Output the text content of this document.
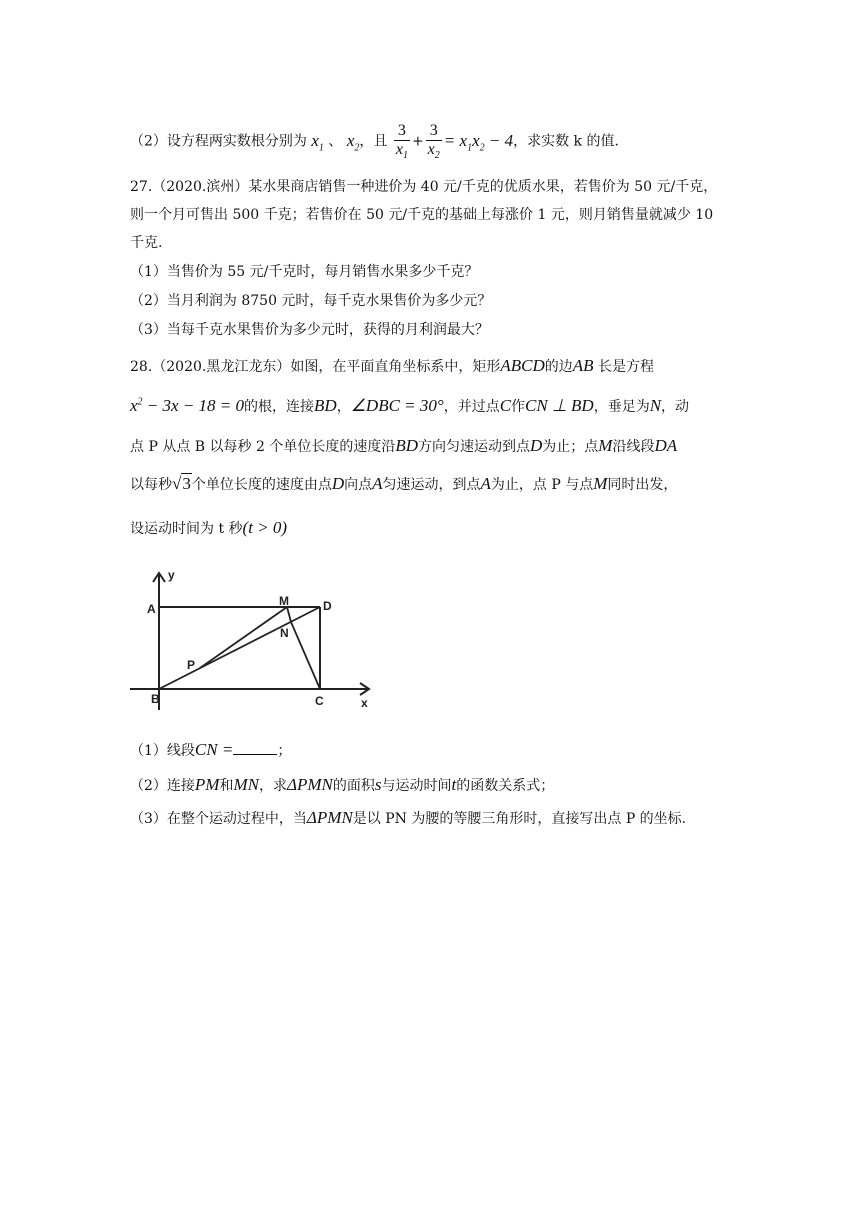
（2）设方程两实数根分别为 $x_1$ 、 $x_2$，且 $\frac{3}{x_1} + \frac{3}{x_2} = x_1x_2 - 4$，求实数 k 的值.
27.（2020.滨州）某水果商店销售一种进价为 40 元/千克的优质水果，若售价为 50 元/千克，
则一个月可售出 500 千克；若售价在 50 元/千克的基础上每涨价 1 元，则月销售量就减少 10
千克.
（1）当售价为 55 元/千克时，每月销售水果多少千克？
（2）当月利润为 8750 元时，每千克水果售价为多少元？
（3）当每千克水果售价为多少元时，获得的月利润最大？
28.（2020.黑龙江龙东）如图，在平面直角坐标系中，矩形ABCD的边AB 长是方程
$x^2 - 3x - 18 = 0$的根，连接BD，∠DBC = 30°，并过点C作CN ⊥ BD，垂足为N，动
点 P 从点 B 以每秒 2 个单位长度的速度沿BD方向匀速运动到点D为止；点M沿线段DA
以每秒√3个单位长度的速度由点D向点A匀速运动，到点A为止，点 P 与点M同时出发，
设运动时间为 t 秒(t > 0)
y
x
A
B	C
D
M
N
P
（1）线段CN =	；
（2）连接PM和MN，求ΔPMN的面积s与运动时间t的函数关系式；
（3）在整个运动过程中，当ΔPMN是以 PN 为腰的等腰三角形时，直接写出点 P 的坐标.
